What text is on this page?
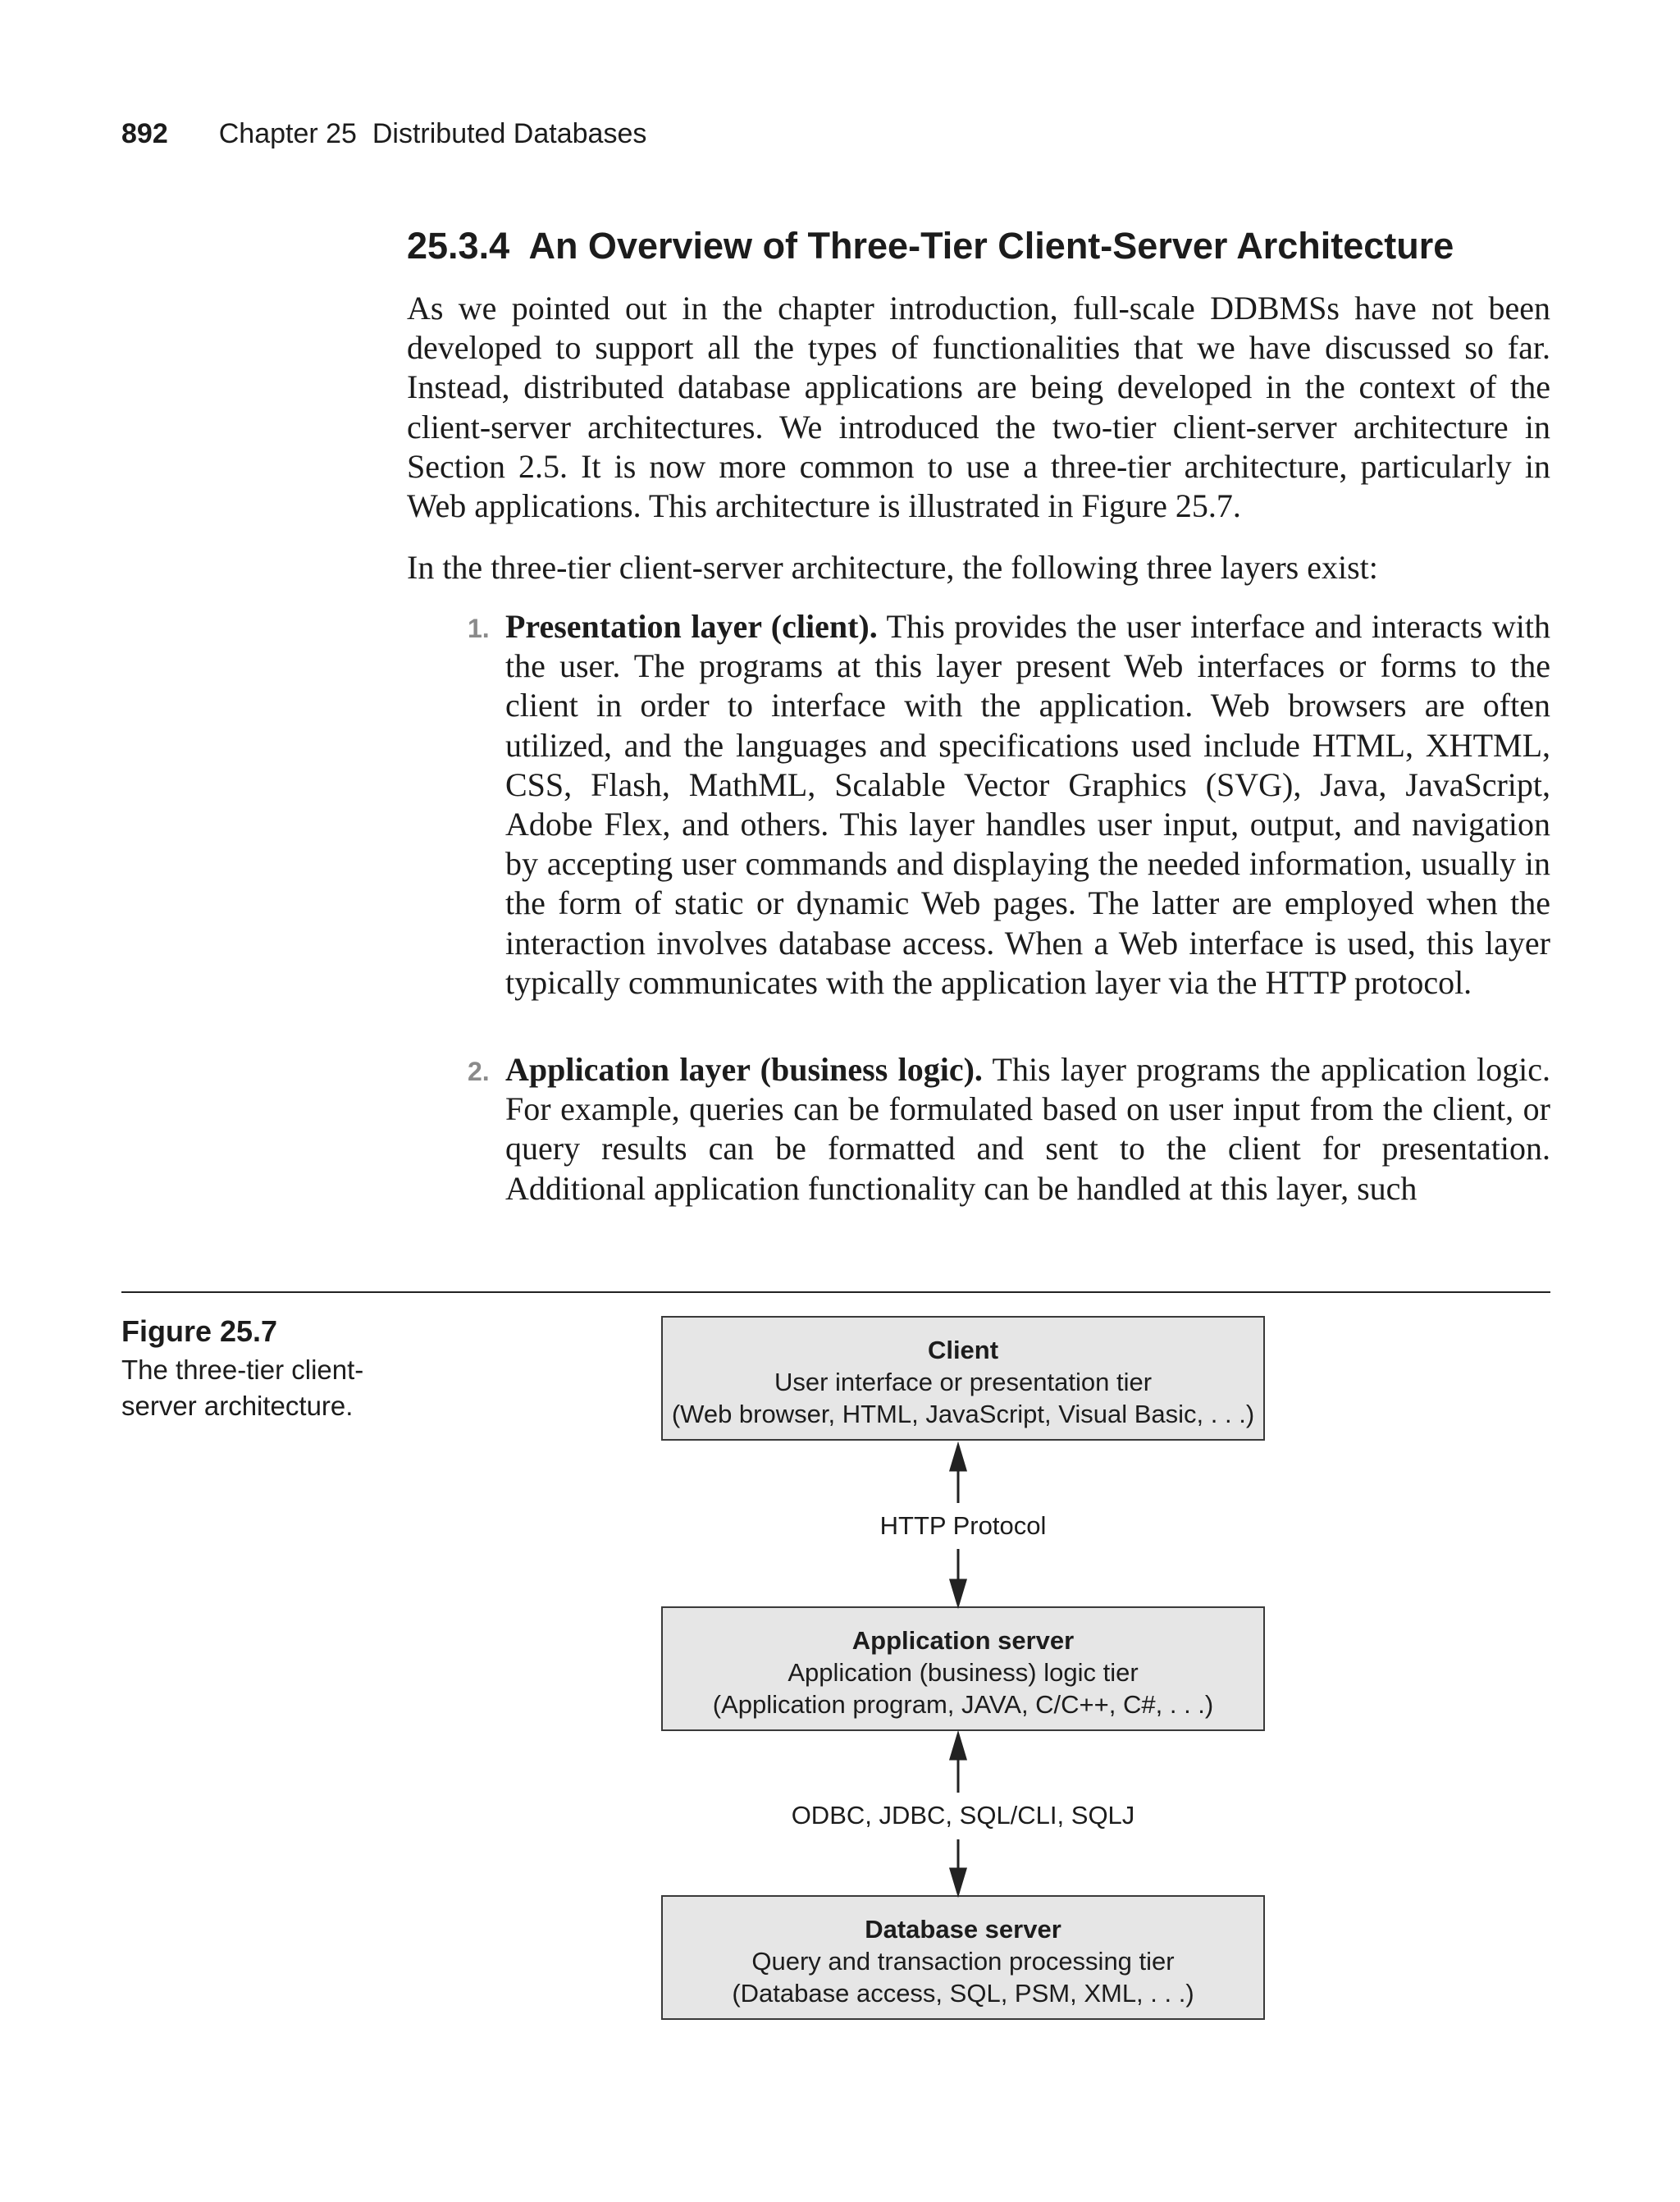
892 Chapter 25  Distributed Databases
25.3.4  An Overview of Three-Tier Client-Server Architecture

As we pointed out in the chapter introduction, full-scale DDBMSs have not been developed to support all the types of functionalities that we have discussed so far. Instead, distributed database applications are being developed in the context of the client-server architectures. We introduced the two-tier client-server architecture in Section 2.5. It is now more common to use a three-tier architecture, particularly in Web applications. This architecture is illustrated in Figure 25.7.

In the three-tier client-server architecture, the following three layers exist:

1. Presentation layer (client). This provides the user interface and interacts with the user. The programs at this layer present Web interfaces or forms to the client in order to interface with the application. Web browsers are often utilized, and the languages and specifications used include HTML, XHTML, CSS, Flash, MathML, Scalable Vector Graphics (SVG), Java, JavaScript, Adobe Flex, and others. This layer handles user input, output, and navigation by accepting user commands and displaying the needed information, usually in the form of static or dynamic Web pages. The latter are employed when the interaction involves database access. When a Web interface is used, this layer typically communicates with the application layer via the HTTP protocol.
2. Application layer (business logic). This layer programs the application logic. For example, queries can be formulated based on user input from the client, or query results can be formatted and sent to the client for presentation. Additional application functionality can be handled at this layer, such
Figure 25.7
The three-tier client-server architecture.
Client
User interface or presentation tier
(Web browser, HTML, JavaScript, Visual Basic, . . .)
HTTP Protocol
Application server
Application (business) logic tier
(Application program, JAVA, C/C++, C#, . . .)
ODBC, JDBC, SQL/CLI, SQLJ
Database server
Query and transaction processing tier
(Database access, SQL, PSM, XML, . . .)
